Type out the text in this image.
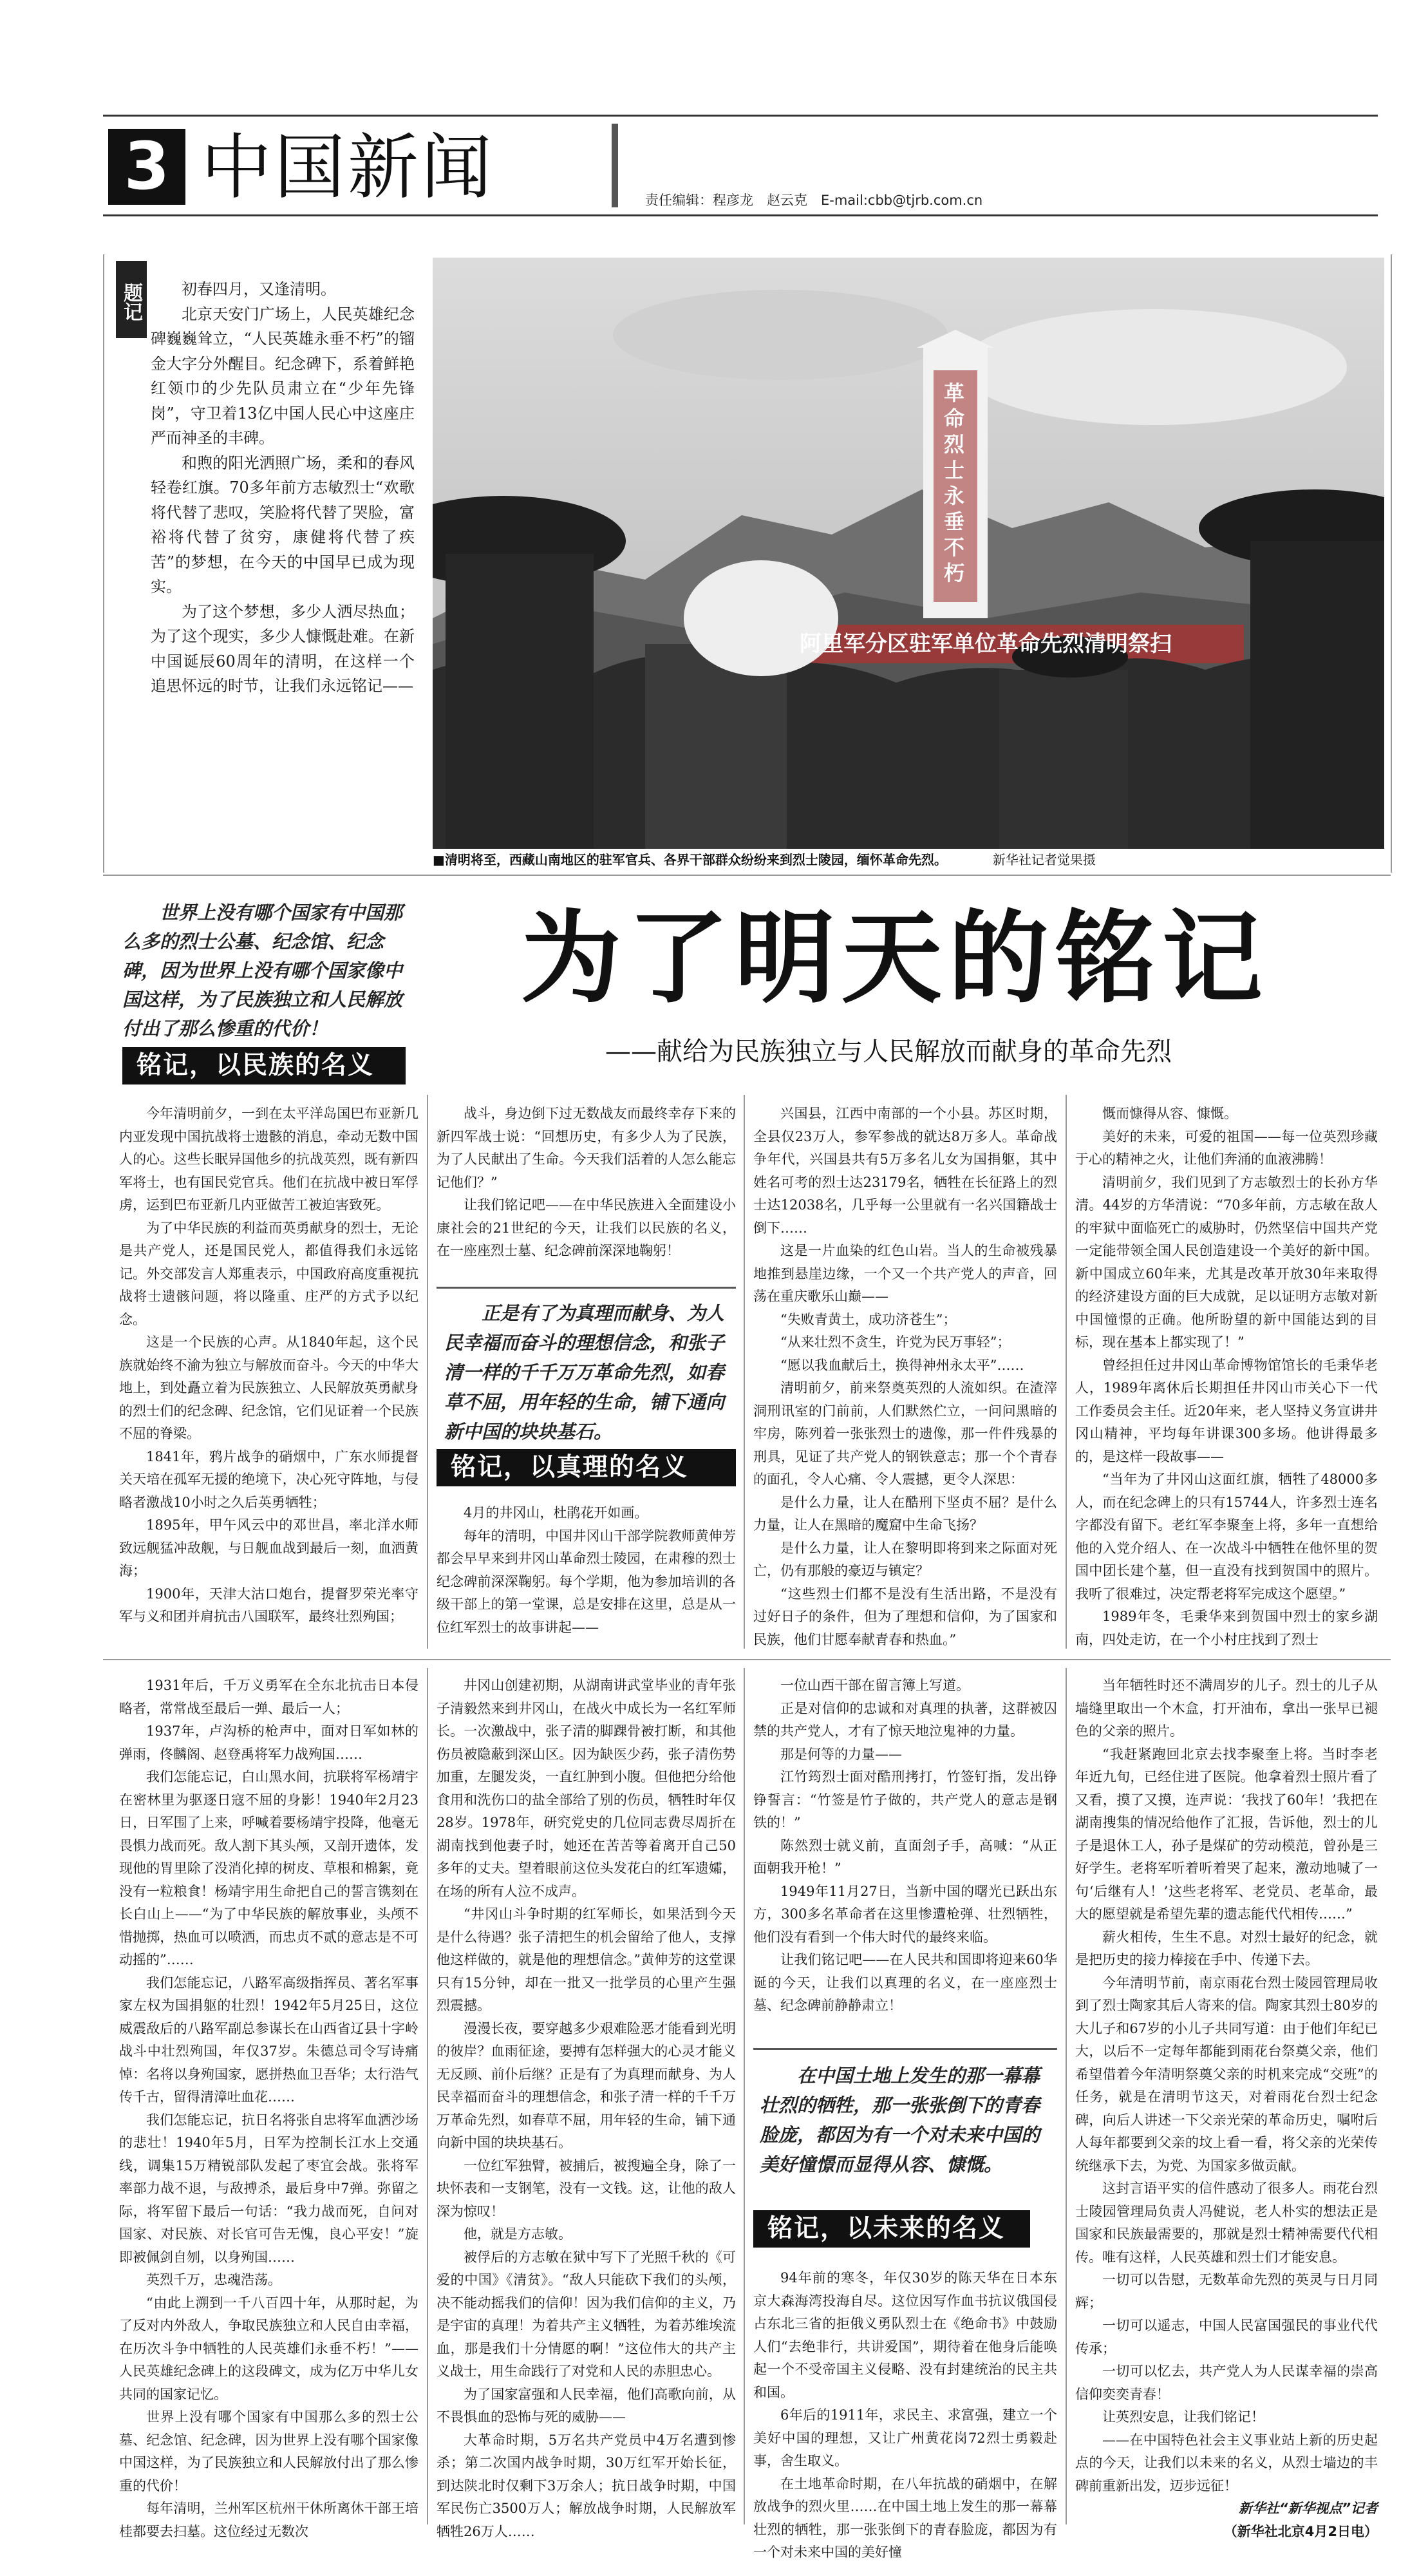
3 中国新闻	责任编辑：程彦龙　赵云克　E-mail:cbb@tjrb.com.cn
题记	初春四月，又逢清明。

北京天安门广场上，人民英雄纪念碑巍巍耸立，“人民英雄永垂不朽”的镏金大字分外醒目。纪念碑下，系着鲜艳红领巾的少先队员肃立在“少年先锋岗”，守卫着13亿中国人民心中这座庄严而神圣的丰碑。

和煦的阳光洒照广场，柔和的春风轻卷红旗。70多年前方志敏烈士“欢歌将代替了悲叹，笑脸将代替了哭脸，富裕将代替了贫穷，康健将代替了疾苦”的梦想，在今天的中国早已成为现实。

为了这个梦想，多少人洒尽热血；为了这个现实，多少人慷慨赴难。在新中国诞辰60周年的清明，在这样一个追思怀远的时节，让我们永远铭记——

革命烈士永垂不朽
阿里军分区驻军单位革命先烈清明祭扫
■清明将至，西藏山南地区的驻军官兵、各界干部群众纷纷来到烈士陵园，缅怀革命先烈。	新华社记者觉果摄
世界上没有哪个国家有中国那么多的烈士公墓、纪念馆、纪念碑，因为世界上没有哪个国家像中国这样，为了民族独立和人民解放付出了那么惨重的代价！
为了明天的铭记
——献给为民族独立与人民解放而献身的革命先烈
铭记，以民族的名义

今年清明前夕，一到在太平洋岛国巴布亚新几内亚发现中国抗战将士遗骸的消息，牵动无数中国人的心。这些长眠异国他乡的抗战英烈，既有新四军将士，也有国民党官兵。他们在抗战中被日军俘虏，运到巴布亚新几内亚做苦工被迫害致死。

为了中华民族的利益而英勇献身的烈士，无论是共产党人，还是国民党人，都值得我们永远铭记。外交部发言人郑重表示，中国政府高度重视抗战将士遗骸问题，将以隆重、庄严的方式予以纪念。

这是一个民族的心声。从1840年起，这个民族就始终不渝为独立与解放而奋斗。今天的中华大地上，到处矗立着为民族独立、人民解放英勇献身的烈士们的纪念碑、纪念馆，它们见证着一个民族不屈的脊梁。

1841年，鸦片战争的硝烟中，广东水师提督关天培在孤军无援的绝境下，决心死守阵地，与侵略者激战10小时之久后英勇牺牲；

1895年，甲午风云中的邓世昌，率北洋水师致远舰猛冲敌舰，与日舰血战到最后一刻，血洒黄海；

1900年，天津大沽口炮台，提督罗荣光率守军与义和团并肩抗击八国联军，最终壮烈殉国；

战斗，身边倒下过无数战友而最终幸存下来的新四军战士说：“回想历史，有多少人为了民族，为了人民献出了生命。今天我们活着的人怎么能忘记他们？”

让我们铭记吧——在中华民族进入全面建设小康社会的21世纪的今天，让我们以民族的名义，在一座座烈士墓、纪念碑前深深地鞠躬！

正是有了为真理而献身、为人民幸福而奋斗的理想信念，和张子清一样的千千万万革命先烈，如春草不屈，用年轻的生命，铺下通向新中国的块块基石。
铭记，以真理的名义

4月的井冈山，杜鹃花开如画。

每年的清明，中国井冈山干部学院教师黄伸芳都会早早来到井冈山革命烈士陵园，在肃穆的烈士纪念碑前深深鞠躬。每个学期，他为参加培训的各级干部上的第一堂课，总是安排在这里，总是从一位红军烈士的故事讲起——

兴国县，江西中南部的一个小县。苏区时期，全县仅23万人，参军参战的就达8万多人。革命战争年代，兴国县共有5万多名儿女为国捐躯，其中姓名可考的烈士达23179名，牺牲在长征路上的烈士达12038名，几乎每一公里就有一名兴国籍战士倒下……

这是一片血染的红色山岩。当人的生命被残暴地推到悬崖边缘，一个又一个共产党人的声音，回荡在重庆歌乐山巅——

“失败青黄土，成功济苍生”；

“从来壮烈不贪生，许党为民万事轻”；

“愿以我血献后土，换得神州永太平”……

清明前夕，前来祭奠英烈的人流如织。在渣滓洞刑讯室的门前前，人们默然伫立，一问问黑暗的牢房，陈列着一张张烈士的遗像，那一件件残暴的刑具，见证了共产党人的钢铁意志；那一个个青春的面孔，令人心痛、令人震撼，更令人深思：

是什么力量，让人在酷刑下坚贞不屈？是什么力量，让人在黑暗的魔窟中生命飞扬？

是什么力量，让人在黎明即将到来之际面对死亡，仍有那般的豪迈与镇定？

“这些烈士们都不是没有生活出路，不是没有过好日子的条件，但为了理想和信仰，为了国家和民族，他们甘愿奉献青春和热血。”

慨而慷得从容、慷慨。

美好的未来，可爱的祖国——每一位英烈珍藏于心的精神之火，让他们奔涌的血液沸腾！

清明前夕，我们见到了方志敏烈士的长孙方华清。44岁的方华清说：“70多年前，方志敏在敌人的牢狱中面临死亡的威胁时，仍然坚信中国共产党一定能带领全国人民创造建设一个美好的新中国。新中国成立60年来，尤其是改革开放30年来取得的经济建设方面的巨大成就，足以证明方志敏对新中国憧憬的正确。他所盼望的新中国能达到的目标，现在基本上都实现了！”

曾经担任过井冈山革命博物馆馆长的毛秉华老人，1989年离休后长期担任井冈山市关心下一代工作委员会主任。近20年来，老人坚持义务宣讲井冈山精神，平均每年讲课300多场。他讲得最多的，是这样一段故事——

“当年为了井冈山这面红旗，牺牲了48000多人，而在纪念碑上的只有15744人，许多烈士连名字都没有留下。老红军李聚奎上将，多年一直想给他的入党介绍人、在一次战斗中牺牲在他怀里的贺国中团长建个墓，但一直没有找到贺国中的照片。我听了很难过，决定帮老将军完成这个愿望。”

1989年冬，毛秉华来到贺国中烈士的家乡湖南，四处走访，在一个小村庄找到了烈士

1931年后，千万义勇军在全东北抗击日本侵略者，常常战至最后一弹、最后一人；

1937年，卢沟桥的枪声中，面对日军如林的弹雨，佟麟阁、赵登禹将军力战殉国……

我们怎能忘记，白山黑水间，抗联将军杨靖宇在密林里为驱逐日寇不屈的身影！1940年2月23日，日军围了上来，呼喊着要杨靖宇投降，他毫无畏惧力战而死。敌人割下其头颅，又剖开遗体，发现他的胃里除了没消化掉的树皮、草根和棉絮，竟没有一粒粮食！杨靖宇用生命把自己的誓言镌刻在长白山上——“为了中华民族的解放事业，头颅不惜抛掷，热血可以喷洒，而忠贞不贰的意志是不可动摇的”……

我们怎能忘记，八路军高级指挥员、著名军事家左权为国捐躯的壮烈！1942年5月25日，这位威震敌后的八路军副总参谋长在山西省辽县十字岭战斗中壮烈殉国，年仅37岁。朱德总司令写诗痛悼：名将以身殉国家，愿拼热血卫吾华；太行浩气传千古，留得清漳吐血花……

我们怎能忘记，抗日名将张自忠将军血洒沙场的悲壮！1940年5月，日军为控制长江水上交通线，调集15万精锐部队发起了枣宜会战。张将军率部力战不退，与敌搏杀，最后身中7弹。弥留之际，将军留下最后一句话：“我力战而死，自问对国家、对民族、对长官可告无愧，良心平安！”旋即被佩剑自刎，以身殉国……

英烈千万，忠魂浩荡。

“由此上溯到一千八百四十年，从那时起，为了反对内外敌人，争取民族独立和人民自由幸福，在历次斗争中牺牲的人民英雄们永垂不朽！”——人民英雄纪念碑上的这段碑文，成为亿万中华儿女共同的国家记忆。

世界上没有哪个国家有中国那么多的烈士公墓、纪念馆、纪念碑，因为世界上没有哪个国家像中国这样，为了民族独立和人民解放付出了那么惨重的代价！

每年清明，兰州军区杭州干休所离休干部王培桂都要去扫墓。这位经过无数次

井冈山创建初期，从湖南讲武堂毕业的青年张子清毅然来到井冈山，在战火中成长为一名红军师长。一次激战中，张子清的脚踝骨被打断，和其他伤员被隐蔽到深山区。因为缺医少药，张子清伤势加重，左腿发炎，一直红肿到小腹。但他把分给他食用和洗伤口的盐全部给了别的伤员，牺牲时年仅28岁。1978年，研究党史的几位同志费尽周折在湖南找到他妻子时，她还在苦苦等着离开自己50多年的丈夫。望着眼前这位头发花白的红军遗孀，在场的所有人泣不成声。

“井冈山斗争时期的红军师长，如果活到今天是什么待遇？张子清把生的机会留给了他人，支撑他这样做的，就是他的理想信念。”黄伸芳的这堂课只有15分钟，却在一批又一批学员的心里产生强烈震撼。

漫漫长夜，要穿越多少艰难险恶才能看到光明的彼岸？血雨征途，要搏有怎样强大的心灵才能义无反顾、前仆后继？正是有了为真理而献身、为人民幸福而奋斗的理想信念，和张子清一样的千千万万革命先烈，如春草不屈，用年轻的生命，铺下通向新中国的块块基石。

一位红军独臂，被捕后，被搜遍全身，除了一块怀表和一支钢笔，没有一文钱。这，让他的敌人深为惊叹！

他，就是方志敏。

被俘后的方志敏在狱中写下了光照千秋的《可爱的中国》《清贫》。“敌人只能砍下我们的头颅，决不能动摇我们的信仰！因为我们信仰的主义，乃是宇宙的真理！为着共产主义牺牲，为着苏维埃流血，那是我们十分情愿的啊！”这位伟大的共产主义战士，用生命践行了对党和人民的赤胆忠心。

为了国家富强和人民幸福，他们高歌向前，从不畏惧血的恐怖与死的威胁——

大革命时期，5万名共产党员中4万名遭到惨杀；第二次国内战争时期，30万红军开始长征，到达陕北时仅剩下3万余人；抗日战争时期，中国军民伤亡3500万人；解放战争时期，人民解放军牺牲26万人……

一位山西干部在留言簿上写道。

正是对信仰的忠诚和对真理的执著，这群被囚禁的共产党人，才有了惊天地泣鬼神的力量。

那是何等的力量——

江竹筠烈士面对酷刑拷打，竹签钉指，发出铮铮誓言：“竹签是竹子做的，共产党人的意志是钢铁的！”

陈然烈士就义前，直面刽子手，高喊：“从正面朝我开枪！”

1949年11月27日，当新中国的曙光已跃出东方，300多名革命者在这里惨遭枪弹、壮烈牺牲，他们没有看到一个伟大时代的最终来临。

让我们铭记吧——在人民共和国即将迎来60华诞的今天，让我们以真理的名义，在一座座烈士墓、纪念碑前静静肃立！

在中国土地上发生的那一幕幕壮烈的牺牲，那一张张倒下的青春脸庞，都因为有一个对未来中国的美好憧憬而显得从容、慷慨。
铭记，以未来的名义

94年前的寒冬，年仅30岁的陈天华在日本东京大森海湾投海自尽。这位因写作血书抗议俄国侵占东北三省的拒俄义勇队烈士在《绝命书》中鼓励人们“去绝非行，共讲爱国”，期待着在他身后能唤起一个不受帝国主义侵略、没有封建统治的民主共和国。

6年后的1911年，求民主、求富强，建立一个美好中国的理想，又让广州黄花岗72烈士勇毅赴事，舍生取义。

在土地革命时期，在八年抗战的硝烟中，在解放战争的烈火里……在中国土地上发生的那一幕幕壮烈的牺牲，那一张张倒下的青春脸庞，都因为有一个对未来中国的美好憧

当年牺牲时还不满周岁的儿子。烈士的儿子从墙缝里取出一个木盒，打开油布，拿出一张早已褪色的父亲的照片。

“我赶紧跑回北京去找李聚奎上将。当时李老年近九旬，已经住进了医院。他拿着烈士照片看了又看，摸了又摸，连声说：‘我找了60年！’我把在湖南搜集的情况给他作了汇报，告诉他，烈士的儿子是退休工人，孙子是煤矿的劳动模范，曾孙是三好学生。老将军听着听着哭了起来，激动地喊了一句‘后继有人！’这些老将军、老党员、老革命，最大的愿望就是希望先辈的遗志能代代相传……”

薪火相传，生生不息。对烈士最好的纪念，就是把历史的接力棒接在手中、传递下去。

今年清明节前，南京雨花台烈士陵园管理局收到了烈士陶家其后人寄来的信。陶家其烈士80岁的大儿子和67岁的小儿子共同写道：由于他们年纪已大，以后不一定每年都能到雨花台祭奠父亲，他们希望借着今年清明祭奠父亲的时机来完成“交班”的任务，就是在清明节这天，对着雨花台烈士纪念碑，向后人讲述一下父亲光荣的革命历史，嘱咐后人每年都要到父亲的坟上看一看，将父亲的光荣传统继承下去，为党、为国家多做贡献。

这封言语平实的信件感动了很多人。雨花台烈士陵园管理局负责人冯健说，老人朴实的想法正是国家和民族最需要的，那就是烈士精神需要代代相传。唯有这样，人民英雄和烈士们才能安息。

一切可以告慰，无数革命先烈的英灵与日月同辉；

一切可以遥志，中国人民富国强民的事业代代传承；

一切可以忆去，共产党人为人民谋幸福的崇高信仰奕奕青春！

让英烈安息，让我们铭记！

——在中国特色社会主义事业站上新的历史起点的今天，让我们以未来的名义，从烈士墙边的丰碑前重新出发，迈步远征！

新华社“新华视点”记者
（新华社北京4月2日电）
